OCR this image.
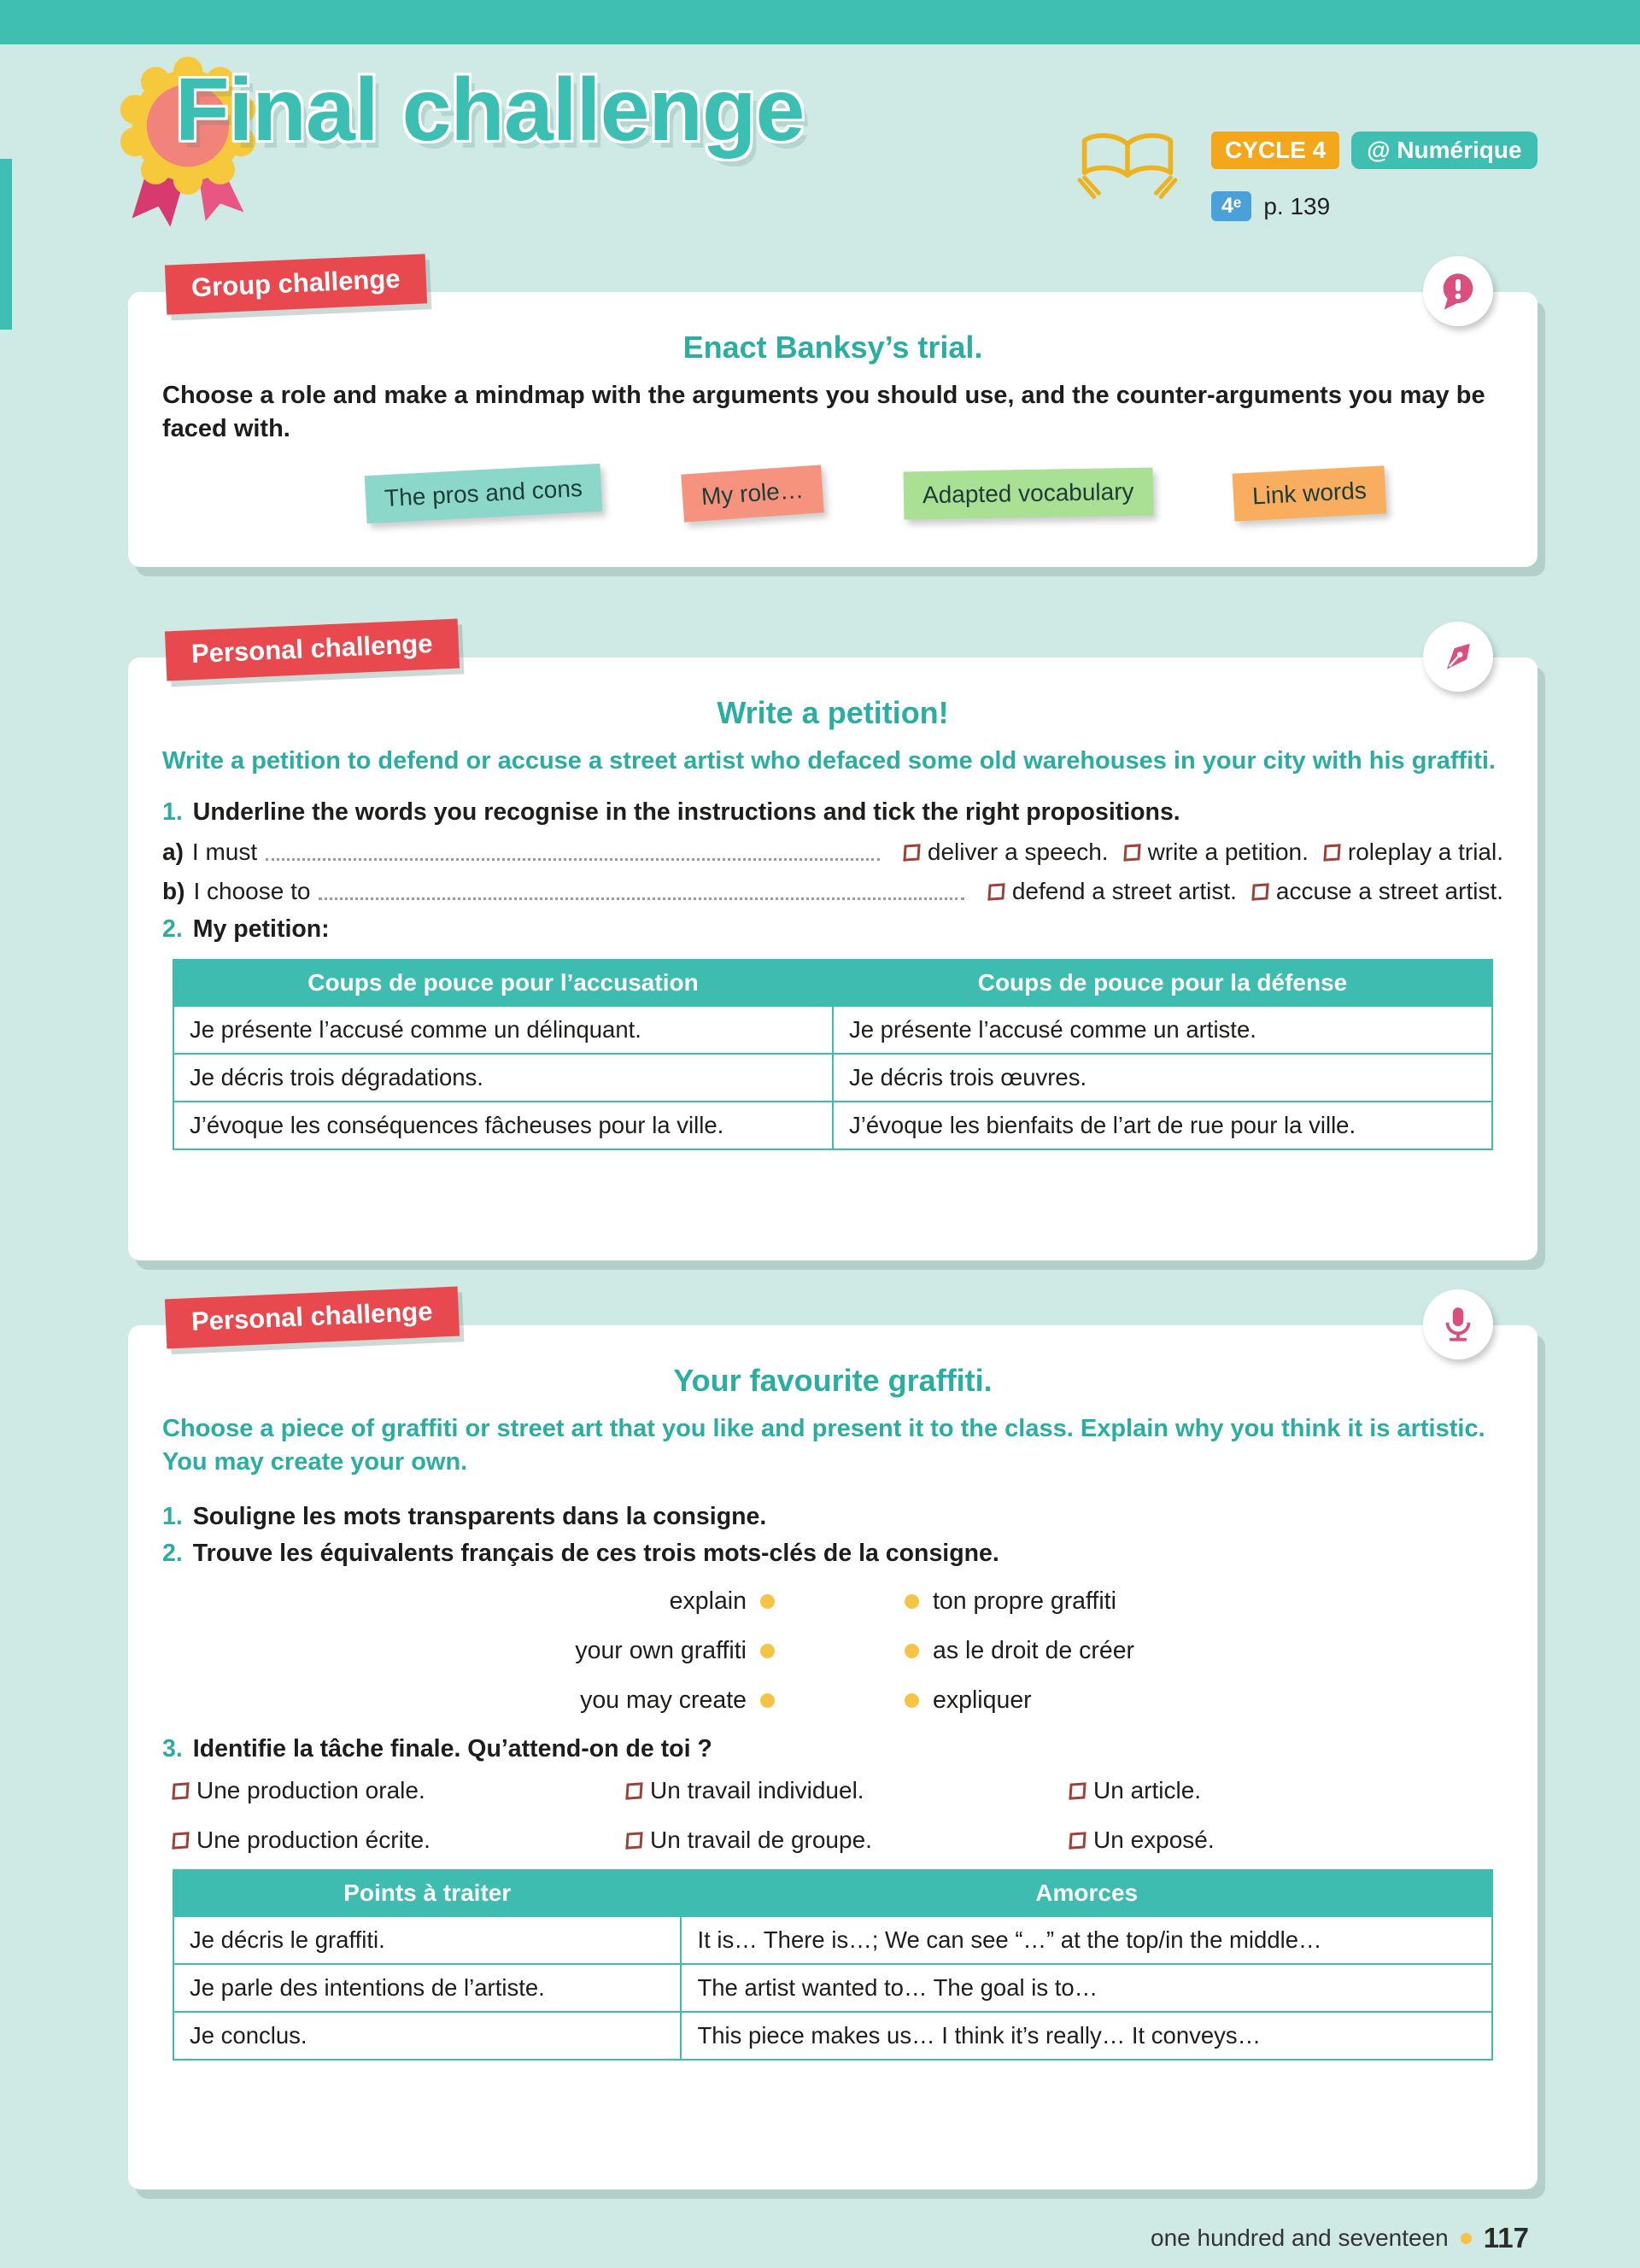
Final challenge	CYCLE 4	@ Numérique
4ᵉ p. 139
Group challenge
Enact Banksy’s trial.

Choose a role and make a mindmap with the arguments you should use, and the counter-arguments you may be faced with.

The pros and cons	My role…	Adapted vocabulary	Link words
Personal challenge
Write a petition!

Write a petition to defend or accuse a street artist who defaced some old warehouses in your city with his graffiti.

1. Underline the words you recognise in the instructions and tick the right propositions.

a) I must	deliver a speech. write a petition. roleplay a trial.
b) I choose to	defend a street artist. accuse a street artist.

2. My petition:

Coups de pouce pour l’accusation	Coups de pouce pour la défense
Je présente l’accusé comme un délinquant.	Je présente l’accusé comme un artiste.
Je décris trois dégradations.	Je décris trois œuvres.
J’évoque les conséquences fâcheuses pour la ville.	J’évoque les bienfaits de l’art de rue pour la ville.
Personal challenge
Your favourite graffiti.

Choose a piece of graffiti or street art that you like and present it to the class. Explain why you think it is artistic. You may create your own.

1. Souligne les mots transparents dans la consigne.

2. Trouve les équivalents français de ces trois mots-clés de la consigne.

explain	ton propre graffiti
your own graffiti	as le droit de créer
you may create	expliquer

3. Identifie la tâche finale. Qu’attend-on de toi ?

Une production orale.	Un travail individuel.	Un article.
Une production écrite.	Un travail de groupe.	Un exposé.
Points à traiter	Amorces
Je décris le graffiti.	It is… There is…; We can see “…” at the top/in the middle…
Je parle des intentions de l’artiste.	The artist wanted to… The goal is to…
Je conclus.	This piece makes us… I think it’s really… It conveys…
one hundred and seventeen 117
